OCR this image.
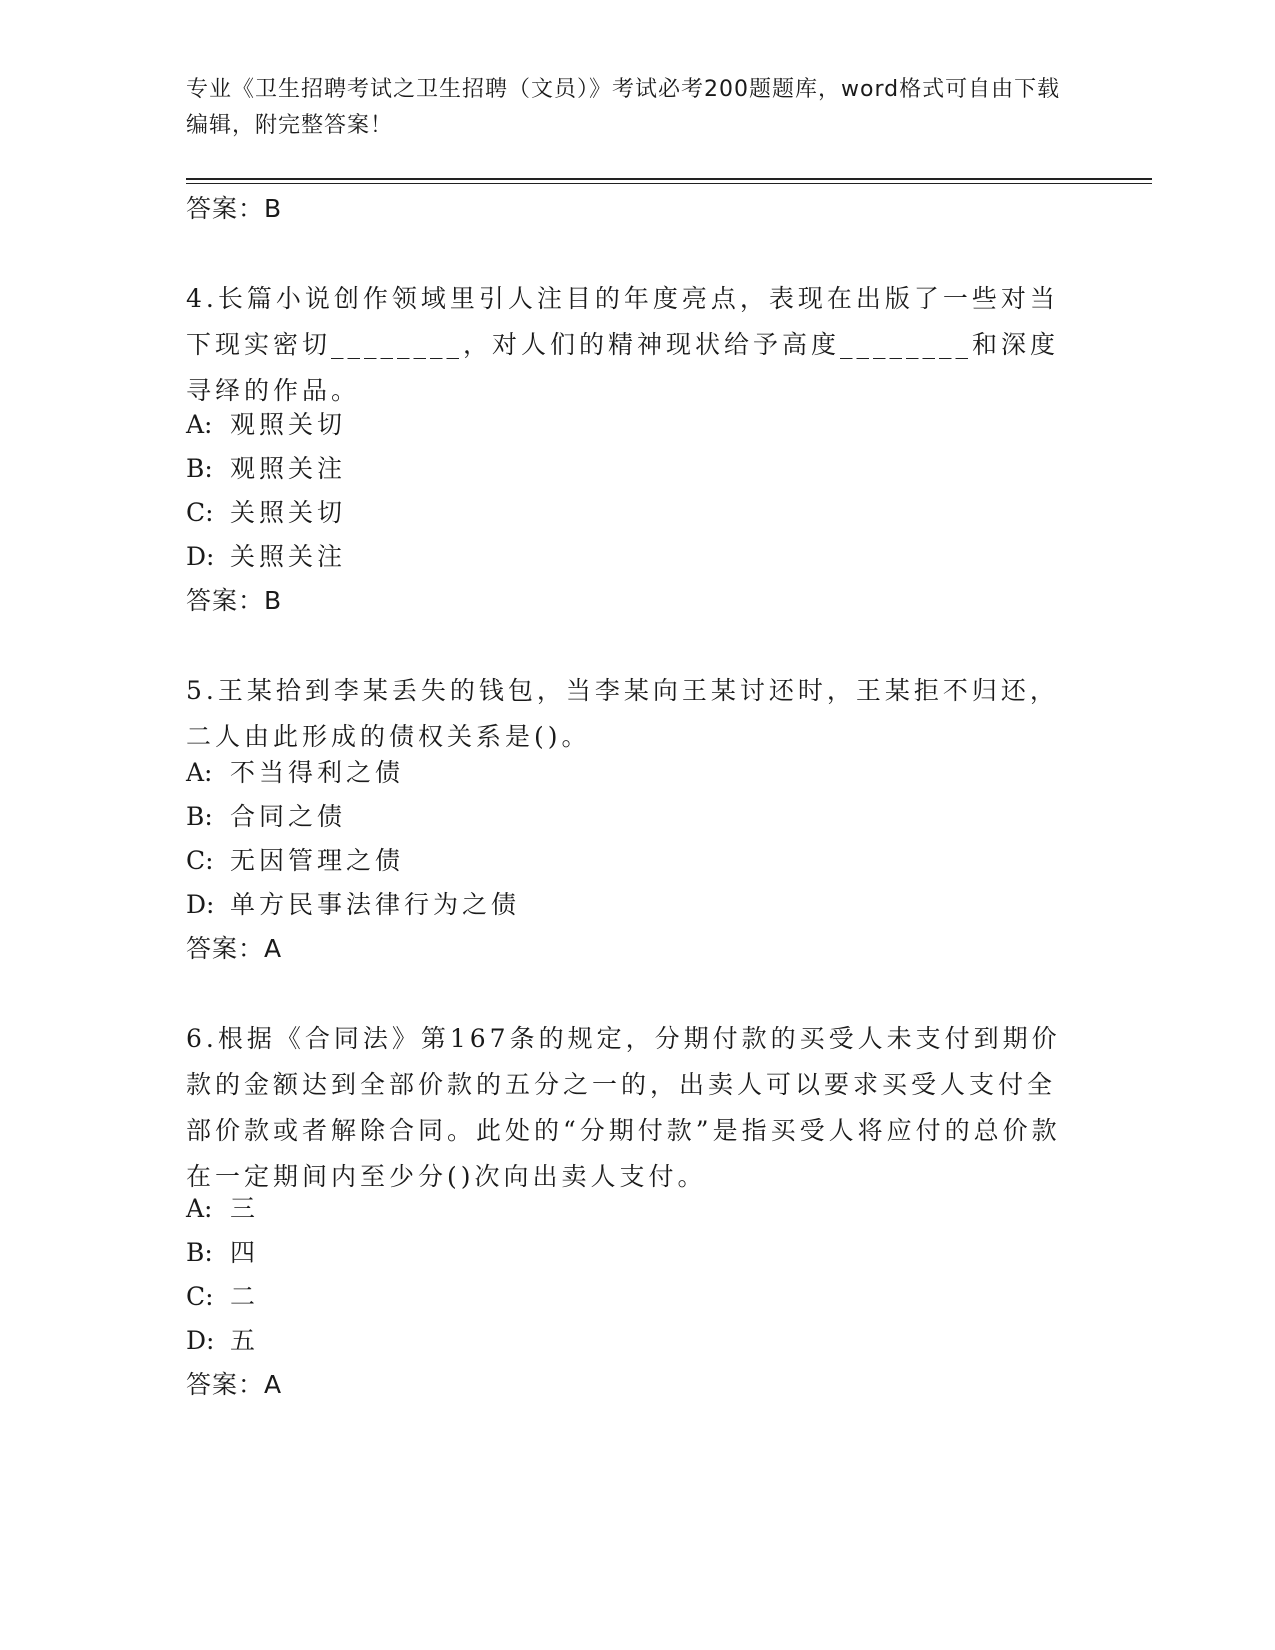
专业《卫生招聘考试之卫生招聘（文员）》考试必考200题题库，word格式可自由下载编辑，附完整答案！
答案：B

4.长篇小说创作领域里引人注目的年度亮点，表现在出版了一些对当下现实密切________，对人们的精神现状给予高度________和深度寻绎的作品。

A: 观照关切
B: 观照关注
C: 关照关切
D: 关照关注
答案：B

5.王某拾到李某丢失的钱包，当李某向王某讨还时，王某拒不归还，二人由此形成的债权关系是()。

A: 不当得利之债
B: 合同之债
C: 无因管理之债
D: 单方民事法律行为之债
答案：A

6.根据《合同法》第167条的规定，分期付款的买受人未支付到期价款的金额达到全部价款的五分之一的，出卖人可以要求买受人支付全部价款或者解除合同。此处的“分期付款”是指买受人将应付的总价款在一定期间内至少分()次向出卖人支付。

A: 三
B: 四
C: 二
D: 五
答案：A
